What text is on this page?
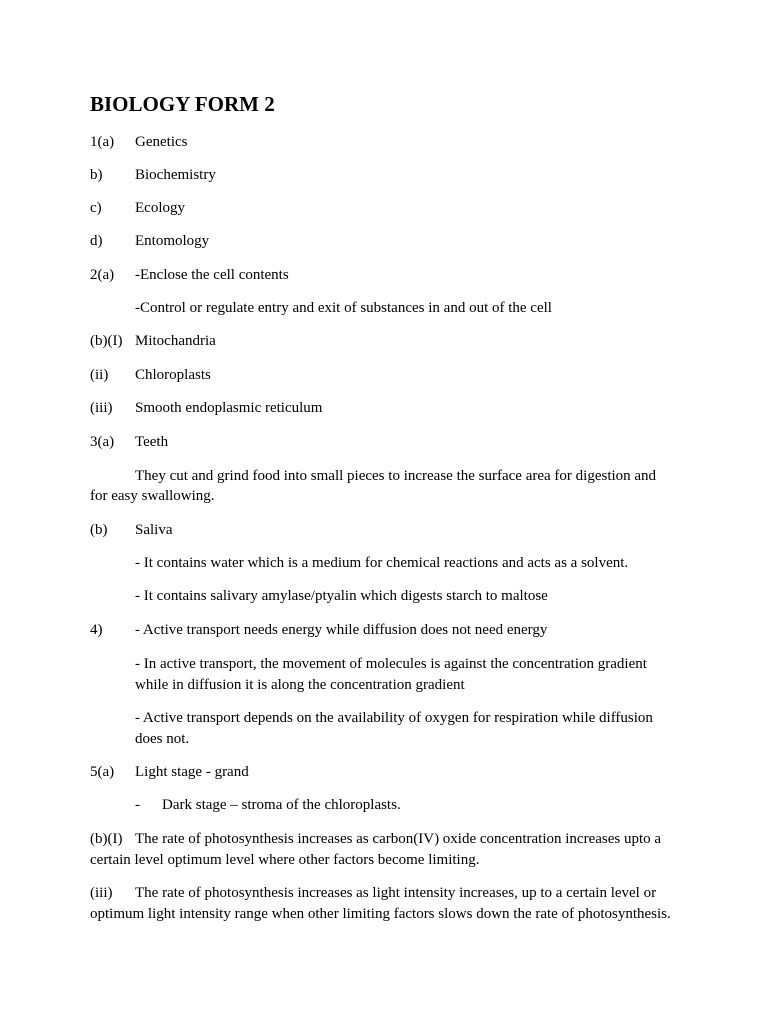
BIOLOGY FORM 2
1(a) Genetics
b) Biochemistry
c) Ecology
d) Entomology
2(a) -Enclose the cell contents
-Control or regulate entry and exit of substances in and out of the cell
(b)(I) Mitochandria
(ii) Chloroplasts
(iii) Smooth endoplasmic reticulum
3(a) Teeth
They cut and grind food into small pieces to increase the surface area for digestion and
for easy swallowing.
(b) Saliva
- It contains water which is a medium for chemical reactions and acts as a solvent.
- It contains salivary amylase/ptyalin which digests starch to maltose
4) - Active transport needs energy while diffusion does not need energy
- In active transport, the movement of molecules is against the concentration gradient
while in diffusion it is along the concentration gradient
- Active transport depends on the availability of oxygen for respiration while diffusion
does not.
5(a) Light stage - grand
- Dark stage – stroma of the chloroplasts.
(b)(I) The rate of photosynthesis increases as carbon(IV) oxide concentration increases upto a
certain level optimum level where other factors become limiting.
(iii) The rate of photosynthesis increases as light intensity increases, up to a certain level or
optimum light intensity range when other limiting factors slows down the rate of photosynthesis.
